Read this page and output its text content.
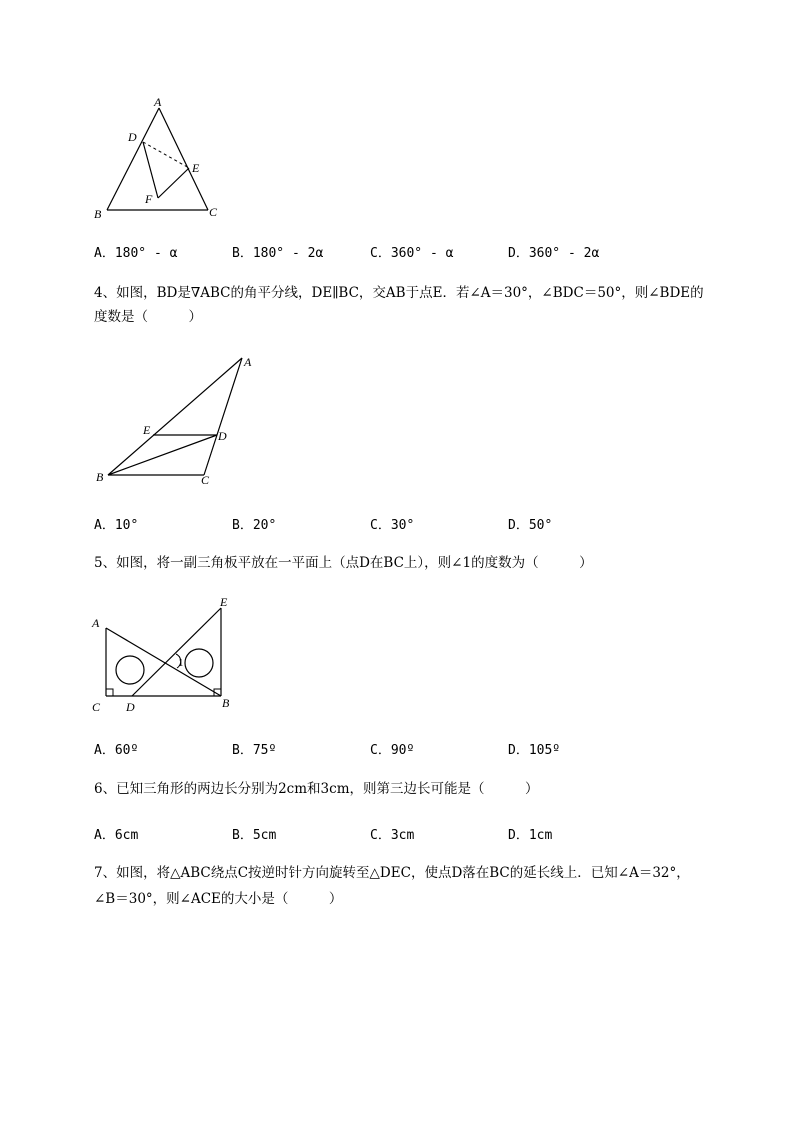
A
D
E
F
B	C
A．180° - α	B．180° - 2α	C．360° - α	D．360° - 2α
4、如图，BD是∇ABC的角平分线，DE∥BC，交AB于点E．若∠A＝30°，∠BDC＝50°，则∠BDE的
度数是（　　　）
A
E	D
B	C
A．10°	B．20°	C．30°	D．50°
5、如图，将一副三角板平放在一平面上（点D在BC上），则∠1的度数为（　　　）
A
E
1
C D	B
A．60º	B．75º	C．90º	D．105º
6、已知三角形的两边长分别为2cm和3cm，则第三边长可能是（　　　）
A．6cm	B．5cm	C．3cm	D．1cm
7、如图，将△ABC绕点C按逆时针方向旋转至△DEC，使点D落在BC的延长线上．已知∠A＝32°，
∠B＝30°，则∠ACE的大小是（　　　）
